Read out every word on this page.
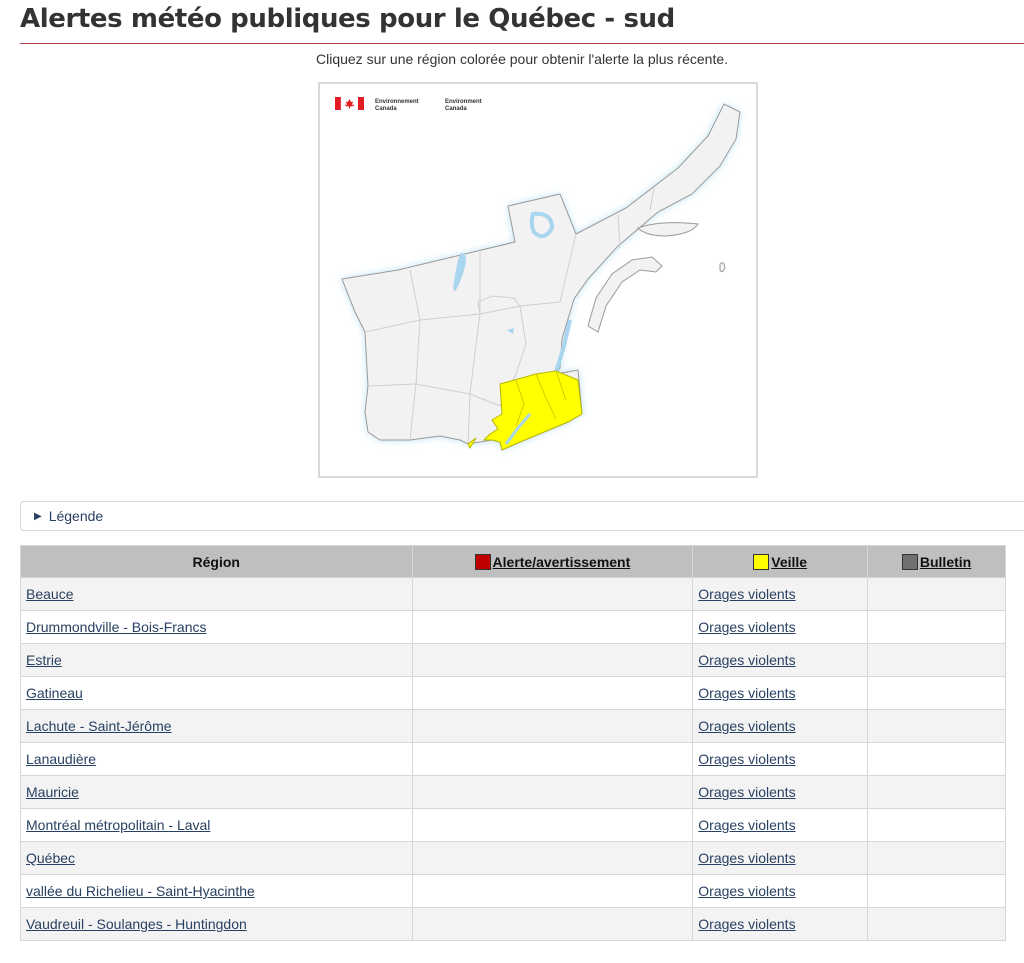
Alertes météo publiques pour le Québec - sud
Cliquez sur une région colorée pour obtenir l'alerte la plus récente.
Environnement
Canada
Environment
Canada
▶ Légende
Région	Alerte/avertissement	Veille	Bulletin
Beauce		Orages violents	
Drummondville - Bois-Francs		Orages violents	
Estrie		Orages violents	
Gatineau		Orages violents	
Lachute - Saint-Jérôme		Orages violents	
Lanaudière		Orages violents	
Mauricie		Orages violents	
Montréal métropolitain - Laval		Orages violents	
Québec		Orages violents	
vallée du Richelieu - Saint-Hyacinthe		Orages violents	
Vaudreuil - Soulanges - Huntingdon		Orages violents	
